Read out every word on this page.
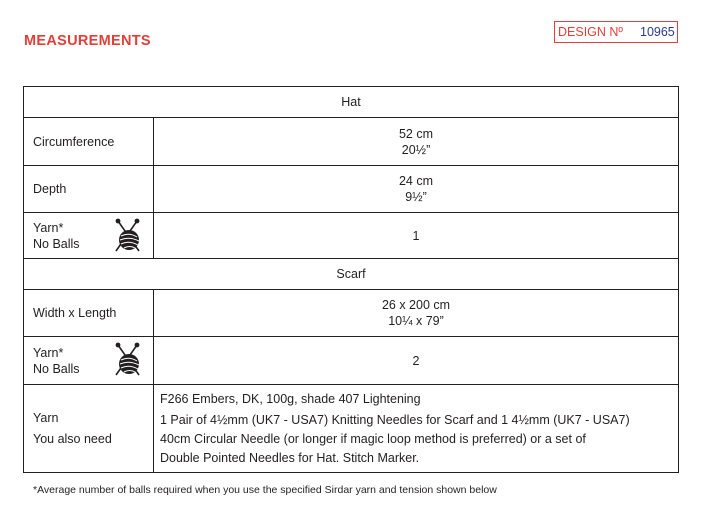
MEASUREMENTS
DESIGN Nº	10965
Hat	
Circumference	52 cm
20½”

Depth	24 cm
9½”

Yarn*
No Balls	1
Scarf	
Width x Length	26 x 200 cm
10¼ x 79”

Yarn*
No Balls	2

Yarn
You also need	F266 Embers, DK, 100g, shade 407 Lightening
1 Pair of 4½mm (UK7 - USA7) Knitting Needles for Scarf and 1 4½mm (UK7 - USA7)
40cm Circular Needle (or longer if magic loop method is preferred) or a set of
Double Pointed Needles for Hat. Stitch Marker.
*Average number of balls required when you use the specified Sirdar yarn and tension shown below
